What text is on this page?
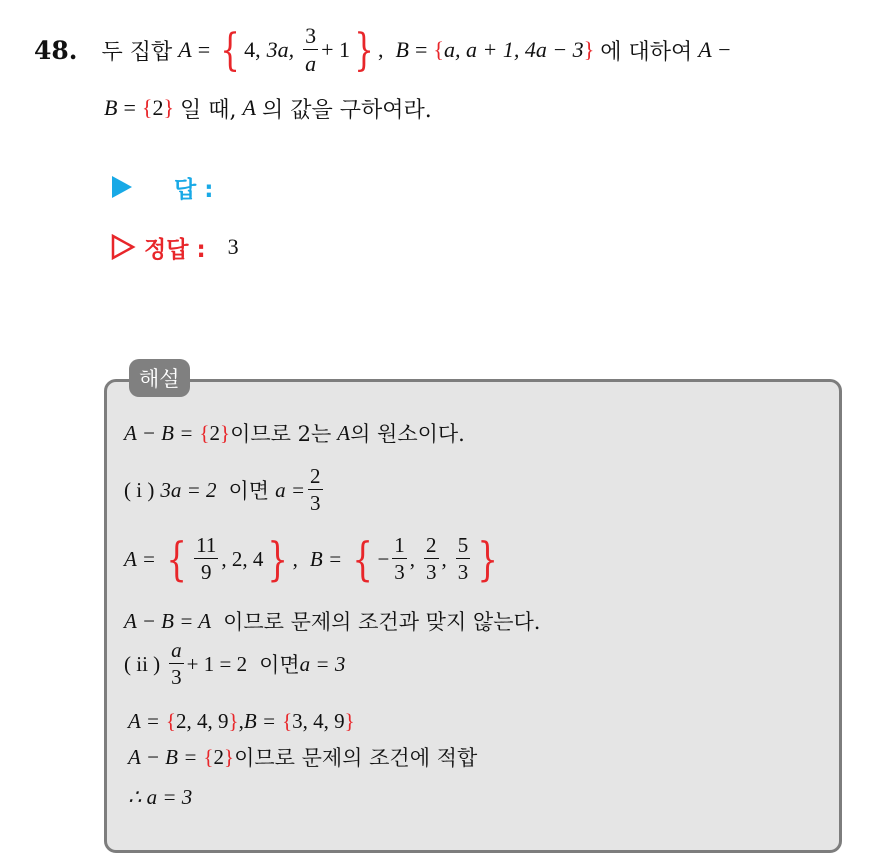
48. 두 집합 A = { 4, 3a, $\frac{3}{a} + 1$ } , B = { a, a + 1, 4a − 3 } 에 대하여 A −
B = { 2 } 일 때, A 의 값을 구하여라.
답 :
정답 : 3
해설
A − B = { 2 } 이므로 2는 A 의 원소이다.
( i ) 3a = 2 이면 $a = \frac{2}{3}$
A = { $\frac{11}{9}$ , 2, 4 } , B = { − $\frac{1}{3}$ , $\frac{2}{3}$ , $\frac{5}{3}$ }
A − B = A 이므로 문제의 조건과 맞지 않는다.
( ii ) $\frac{a}{3} + 1 = 2$ 이면 a = 3
A = { 2, 4, 9 } , B = { 3, 4, 9 }
A − B = { 2 } 이므로 문제의 조건에 적합
∴ a = 3
